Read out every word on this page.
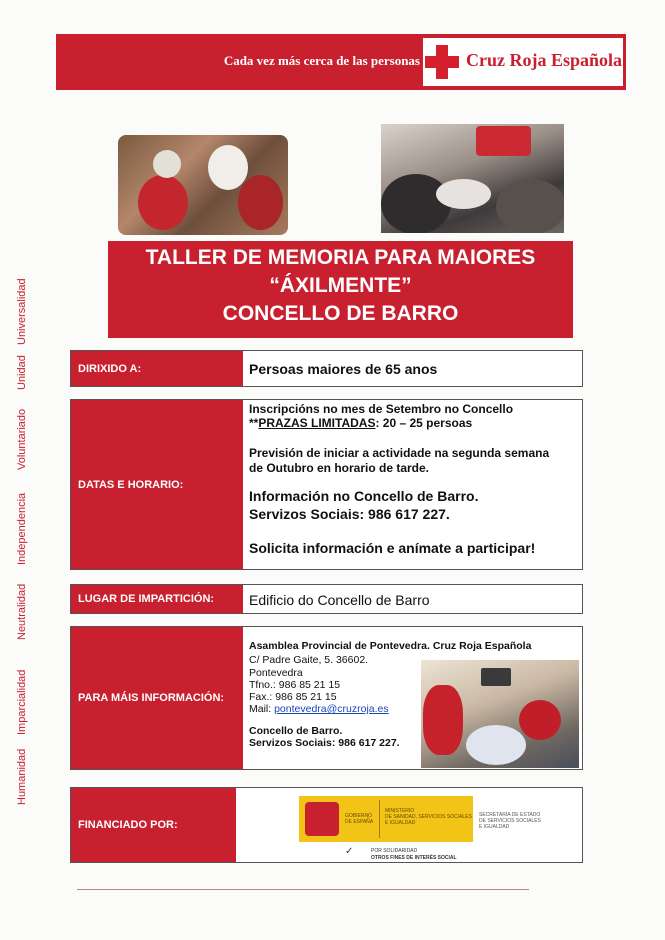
Cada vez más cerca de las personas	Cruz Roja Española
TALLER DE MEMORIA PARA MAIORES
“ÁXILMENTE”
CONCELLO DE BARRO
DIRIXIDO A:	Persoas maiores de 65 anos
DATAS E HORARIO:
Inscripcións no mes de Setembro no Concello
**PRAZAS LIMITADAS: 20 – 25 persoas
Previsión de iniciar a actividade na segunda semana
de Outubro en horario de tarde.
Información no Concello de Barro.
Servizos Sociais: 986 617 227.
Solicita información e anímate a participar!
LUGAR DE IMPARTICIÓN:	Edificio do Concello de Barro
PARA MÁIS INFORMACIÓN:
Asamblea Provincial de Pontevedra. Cruz Roja Española
C/ Padre Gaite, 5. 36602.
Pontevedra
Tfno.: 986 85 21 15
Fax.: 986 85 21 15
Mail: pontevedra@cruzroja.es
Concello de Barro.
Servizos Sociais: 986 617 227.
FINANCIADO POR:
GOBIERNO
DE ESPAÑA
MINISTERIO
DE SANIDAD, SERVICIOS SOCIALES
E IGUALDAD
SECRETARÍA DE ESTADO
DE SERVICIOS SOCIALES
E IGUALDAD
✓	POR SOLIDARIDAD
OTROS FINES DE INTERÉS SOCIAL
Humanidad
Imparcialidad
Neutralidad
Independencia
Voluntariado
Unidad
Universalidad
